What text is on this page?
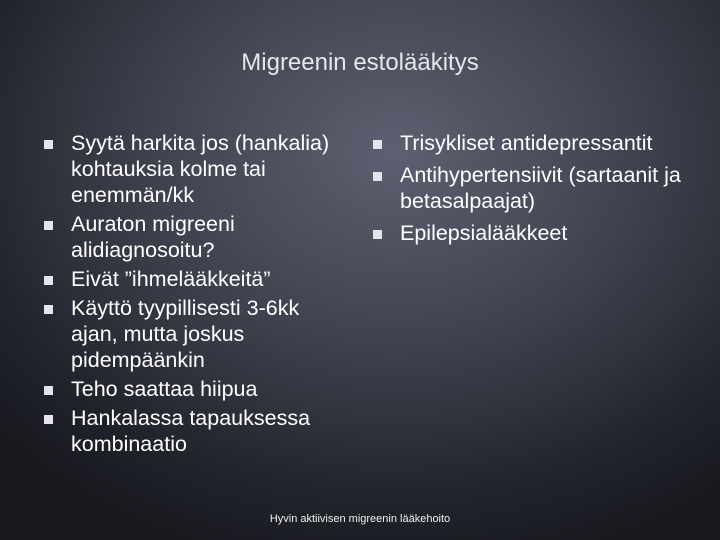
Migreenin estolääkitys
Syytä harkita jos (hankalia) kohtauksia kolme tai enemmän/kk
Auraton migreeni alidiagnosoitu?
Eivät ”ihmelääkkeitä”
Käyttö tyypillisesti 3-6kk ajan, mutta joskus pidempäänkin
Teho saattaa hiipua
Hankalassa tapauksessa kombinaatio
Trisykliset antidepressantit
Antihypertensiivit (sartaanit ja betasalpaajat)
Epilepsialääkkeet
Hyvin aktiivisen migreenin lääkehoito
